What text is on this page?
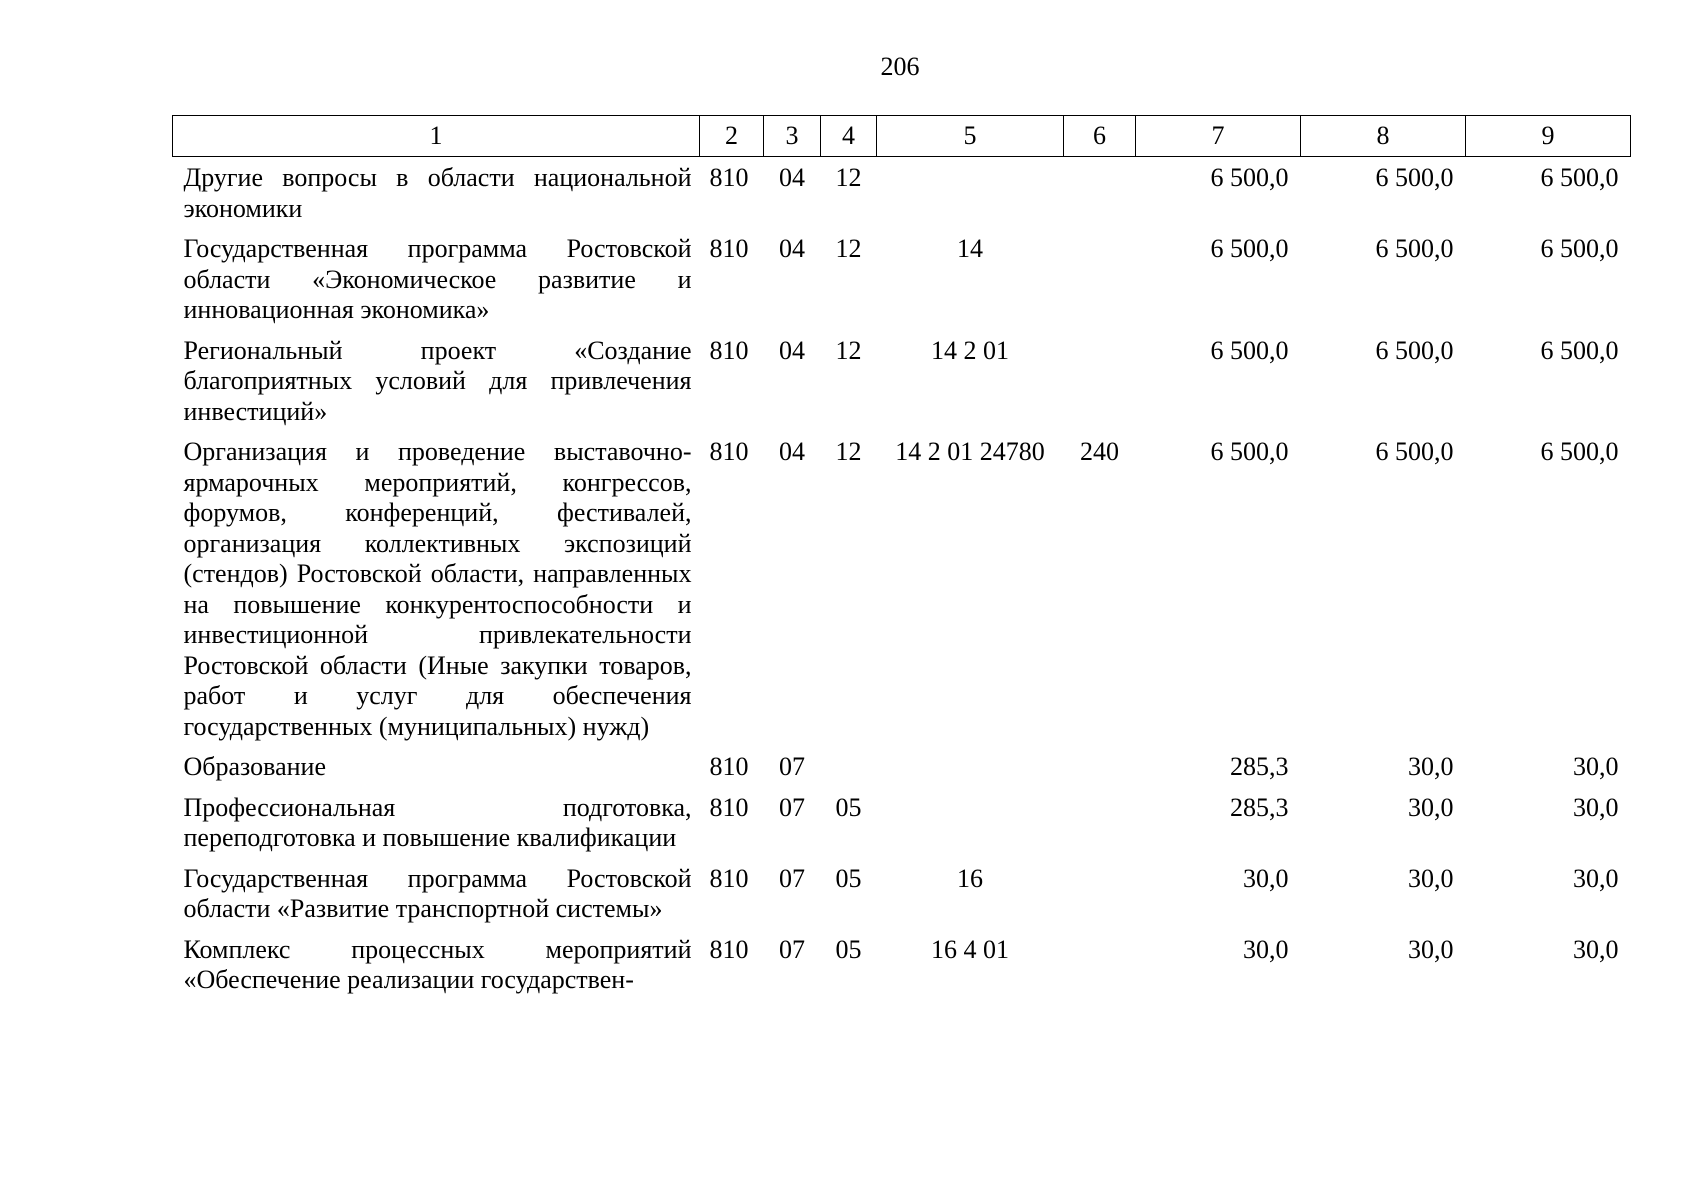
206
1	2	3	4	5	6	7	8	9
Другие вопросы в области национальной экономики	810	04	12			6 500,0	6 500,0	6 500,0
Государственная программа Ростовской области «Экономическое развитие и инновационная экономика»	810	04	12	14		6 500,0	6 500,0	6 500,0
Региональный проект «Создание благоприятных условий для привлечения инвестиций»	810	04	12	14 2 01		6 500,0	6 500,0	6 500,0
Организация и проведение выставочно-ярмарочных мероприятий, конгрессов, форумов, конференций, фестивалей, организация коллективных экспозиций (стендов) Ростовской области, направленных на повышение конкурентоспособности и инвестиционной привлекательности Ростовской области (Иные закупки товаров, работ и услуг для обеспечения государственных (муниципальных) нужд)	810	04	12	14 2 01 24780	240	6 500,0	6 500,0	6 500,0
Образование	810	07				285,3	30,0	30,0
Профессиональная подготовка, переподготовка и повышение квалификации	810	07	05			285,3	30,0	30,0
Государственная программа Ростовской области «Развитие транспортной системы»	810	07	05	16		30,0	30,0	30,0
Комплекс процессных мероприятий «Обеспечение реализации государствен-	810	07	05	16 4 01		30,0	30,0	30,0
